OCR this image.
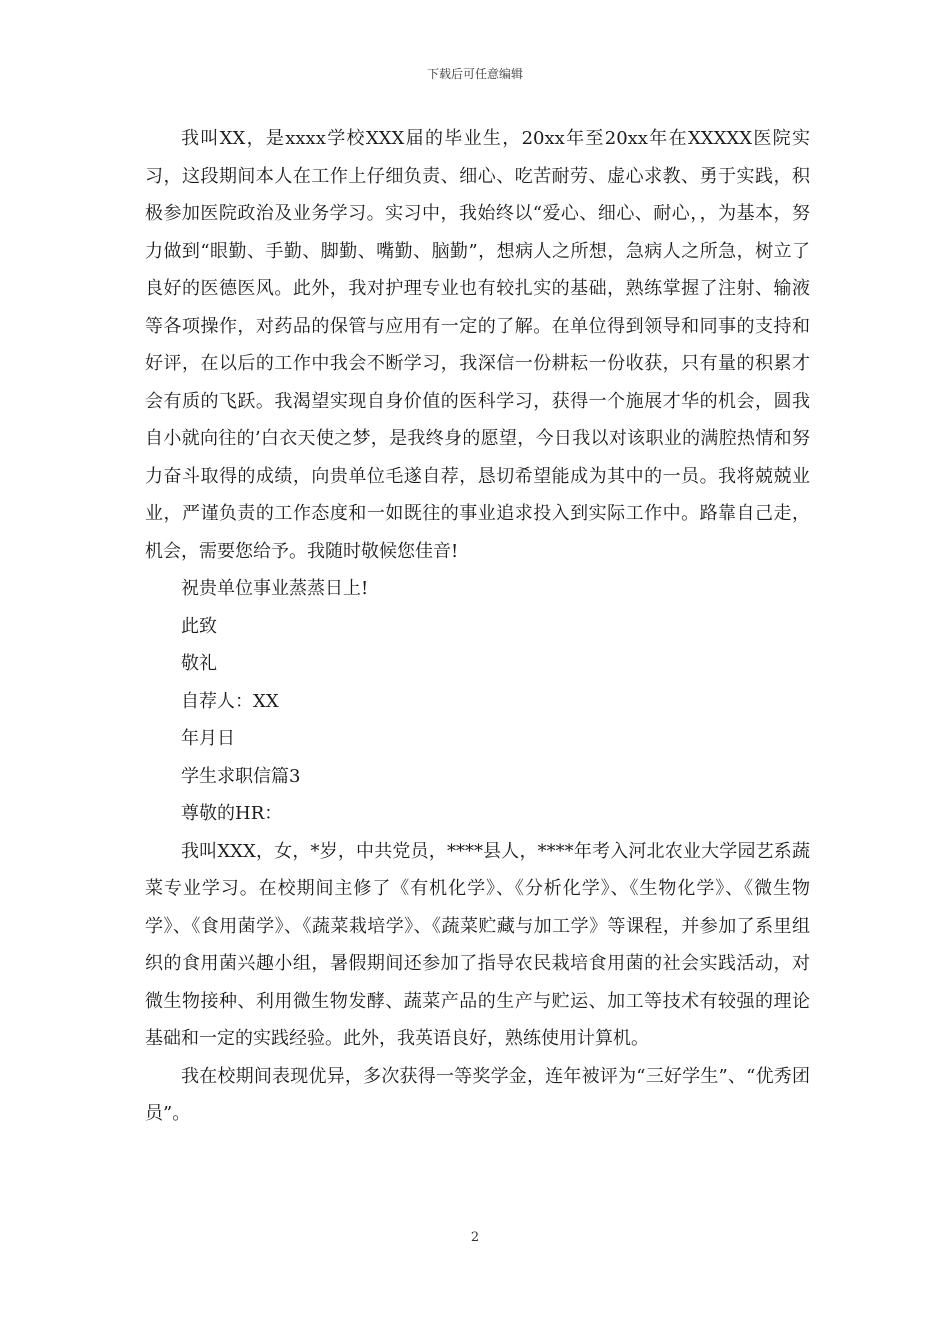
下载后可任意编辑

我叫XX，是xxxx学校XXX届的毕业生，20xx年至20xx年在XXXXX医院实习，这段期间本人在工作上仔细负责、细心、吃苦耐劳、虚心求教、勇于实践，积极参加医院政治及业务学习。实习中，我始终以“爱心、细心、耐心，，为基本，努力做到“眼勤、手勤、脚勤、嘴勤、脑勤”，想病人之所想，急病人之所急，树立了良好的医德医风。此外，我对护理专业也有较扎实的基础，熟练掌握了注射、输液等各项操作，对药品的保管与应用有一定的了解。在单位得到领导和同事的支持和好评，在以后的工作中我会不断学习，我深信一份耕耘一份收获，只有量的积累才会有质的飞跃。我渴望实现自身价值的医科学习，获得一个施展才华的机会，圆我自小就向往的’白衣天使之梦，是我终身的愿望，今日我以对该职业的满腔热情和努力奋斗取得的成绩，向贵单位毛遂自荐，恳切希望能成为其中的一员。我将兢兢业业，严谨负责的工作态度和一如既往的事业追求投入到实际工作中。路靠自己走，机会，需要您给予。我随时敬候您佳音!

祝贵单位事业蒸蒸日上!

此致

敬礼

自荐人：XX

年月日

学生求职信篇3

尊敬的HR：

我叫XXX，女，*岁，中共党员，****县人，****年考入河北农业大学园艺系蔬菜专业学习。在校期间主修了《有机化学》、《分析化学》、《生物化学》、《微生物学》、《食用菌学》、《蔬菜栽培学》、《蔬菜贮藏与加工学》等课程，并参加了系里组织的食用菌兴趣小组，暑假期间还参加了指导农民栽培食用菌的社会实践活动，对微生物接种、利用微生物发酵、蔬菜产品的生产与贮运、加工等技术有较强的理论基础和一定的实践经验。此外，我英语良好，熟练使用计算机。

我在校期间表现优异，多次获得一等奖学金，连年被评为“三好学生”、“优秀团员”。

2
